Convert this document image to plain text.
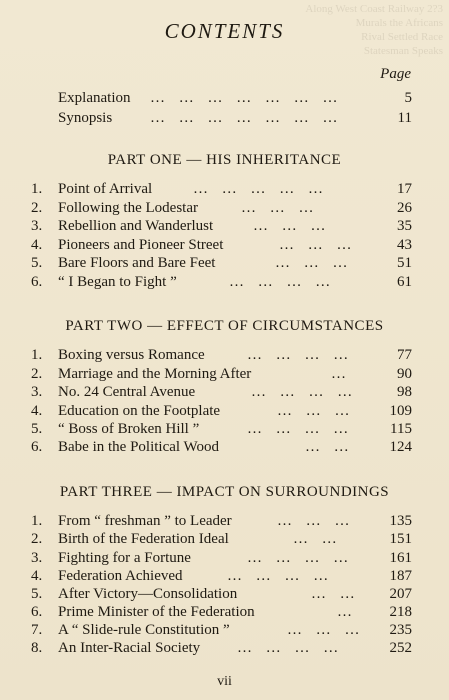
Along West Coast Railway 2?3
Murals the Africans
Rival Settled Race
Statesman Speaks
CONTENTS
Page
Explanation … … … … … … …	5
Synopsis	… … … … … … …	11
PART ONE — HIS INHERITANCE
1.	Point of Arrival	… … … … …	17
2.	Following the Lodestar	… … …	26
3.	Rebellion and Wanderlust	… … …	35
4.	Pioneers and Pioneer Street	… … …	43
5.	Bare Floors and Bare Feet	… … …	51
6.	“ I Began to Fight ”	… … … …	61
PART TWO — EFFECT OF CIRCUMSTANCES
1.	Boxing versus Romance	… … … …	77
2.	Marriage and the Morning After	…	90
3.	No. 24 Central Avenue	… … … …	98
4.	Education on the Footplate	… … … 109
5.	“ Boss of Broken Hill ”	… … … … 115
6.	Babe in the Political Wood	… … 124
PART THREE — IMPACT ON SURROUNDINGS
1.	From “ freshman ” to Leader	… … … 135
2.	Birth of the Federation Ideal	… …	151
3.	Fighting for a Fortune	… … … … 161
4.	Federation Achieved	… … … …	187
5.	After Victory—Consolidation	… … 207
6.	Prime Minister of the Federation	… 218
7.	A “ Slide-rule Constitution ”	… … … 235
8.	An Inter-Racial Society … … … …	252
vii
